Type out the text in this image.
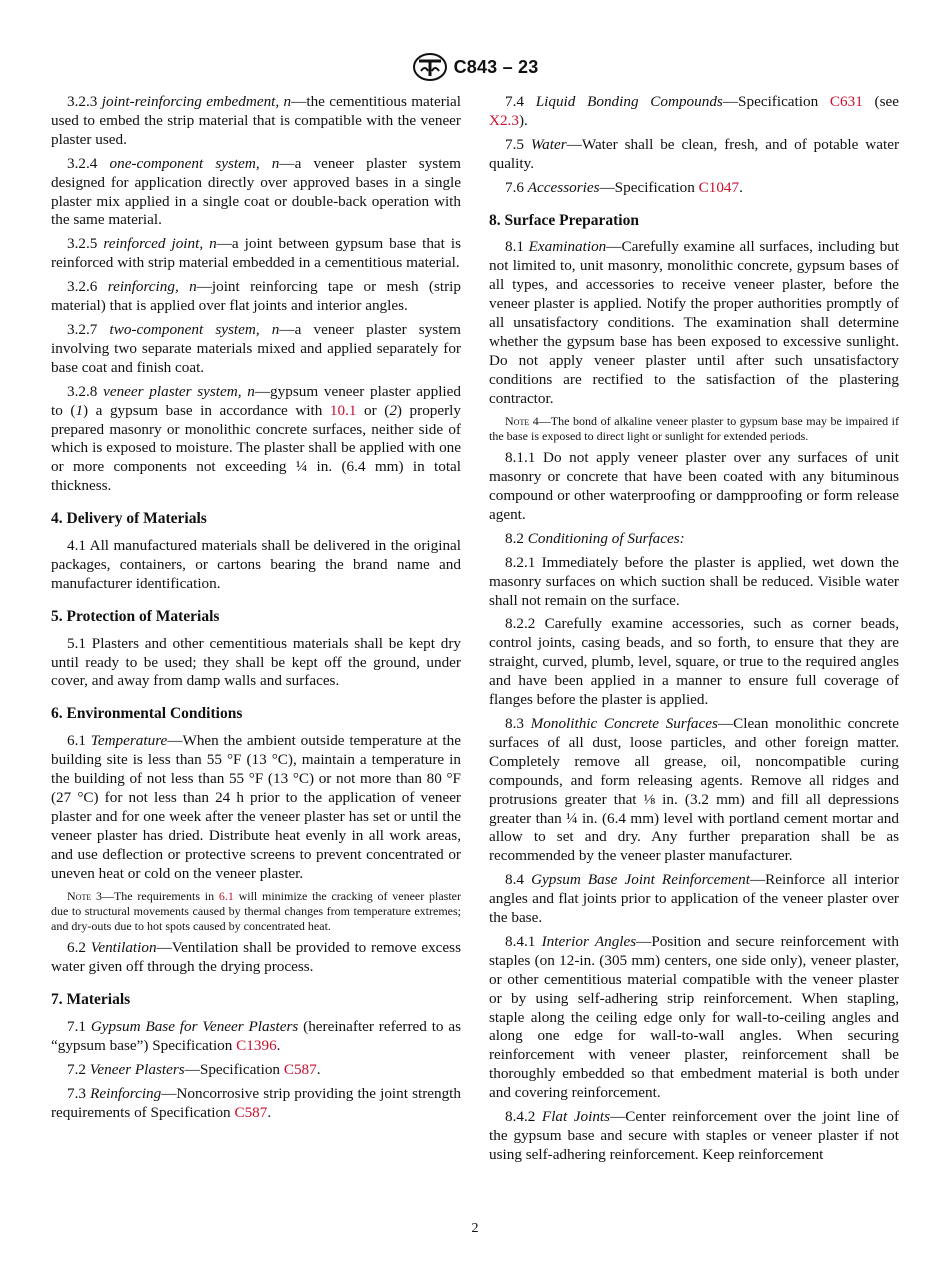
C843 – 23

3.2.3 joint-reinforcing embedment, n—the cementitious material used to embed the strip material that is compatible with the veneer plaster used.

3.2.4 one-component system, n—a veneer plaster system designed for application directly over approved bases in a single plaster mix applied in a single coat or double-back operation with the same material.

3.2.5 reinforced joint, n—a joint between gypsum base that is reinforced with strip material embedded in a cementitious material.

3.2.6 reinforcing, n—joint reinforcing tape or mesh (strip material) that is applied over flat joints and interior angles.

3.2.7 two-component system, n—a veneer plaster system involving two separate materials mixed and applied separately for base coat and finish coat.

3.2.8 veneer plaster system, n—gypsum veneer plaster applied to (1) a gypsum base in accordance with 10.1 or (2) properly prepared masonry or monolithic concrete surfaces, neither side of which is exposed to moisture. The plaster shall be applied with one or more components not exceeding ¼ in. (6.4 mm) in total thickness.

4. Delivery of Materials

4.1 All manufactured materials shall be delivered in the original packages, containers, or cartons bearing the brand name and manufacturer identification.

5. Protection of Materials

5.1 Plasters and other cementitious materials shall be kept dry until ready to be used; they shall be kept off the ground, under cover, and away from damp walls and surfaces.

6. Environmental Conditions

6.1 Temperature—When the ambient outside temperature at the building site is less than 55 °F (13 °C), maintain a temperature in the building of not less than 55 °F (13 °C) or not more than 80 °F (27 °C) for not less than 24 h prior to the application of veneer plaster and for one week after the veneer plaster has set or until the veneer plaster has dried. Distribute heat evenly in all work areas, and use deflection or protective screens to prevent concentrated or uneven heat or cold on the veneer plaster.

Note 3—The requirements in 6.1 will minimize the cracking of veneer plaster due to structural movements caused by thermal changes from temperature extremes; and dry-outs due to hot spots caused by concentrated heat.

6.2 Ventilation—Ventilation shall be provided to remove excess water given off through the drying process.

7. Materials

7.1 Gypsum Base for Veneer Plasters (hereinafter referred to as “gypsum base”) Specification C1396.

7.2 Veneer Plasters—Specification C587.

7.3 Reinforcing—Noncorrosive strip providing the joint strength requirements of Specification C587.

7.4 Liquid Bonding Compounds—Specification C631 (see X2.3).

7.5 Water—Water shall be clean, fresh, and of potable water quality.

7.6 Accessories—Specification C1047.

8. Surface Preparation

8.1 Examination—Carefully examine all surfaces, including but not limited to, unit masonry, monolithic concrete, gypsum bases of all types, and accessories to receive veneer plaster, before the veneer plaster is applied. Notify the proper authorities promptly of all unsatisfactory conditions. The examination shall determine whether the gypsum base has been exposed to excessive sunlight. Do not apply veneer plaster until after such unsatisfactory conditions are rectified to the satisfaction of the plastering contractor.

Note 4—The bond of alkaline veneer plaster to gypsum base may be impaired if the base is exposed to direct light or sunlight for extended periods.

8.1.1 Do not apply veneer plaster over any surfaces of unit masonry or concrete that have been coated with any bituminous compound or other waterproofing or dampproofing or form release agent.

8.2 Conditioning of Surfaces:

8.2.1 Immediately before the plaster is applied, wet down the masonry surfaces on which suction shall be reduced. Visible water shall not remain on the surface.

8.2.2 Carefully examine accessories, such as corner beads, control joints, casing beads, and so forth, to ensure that they are straight, curved, plumb, level, square, or true to the required angles and have been applied in a manner to ensure full coverage of flanges before the plaster is applied.

8.3 Monolithic Concrete Surfaces—Clean monolithic concrete surfaces of all dust, loose particles, and other foreign matter. Completely remove all grease, oil, noncompatible curing compounds, and form releasing agents. Remove all ridges and protrusions greater that ⅛ in. (3.2 mm) and fill all depressions greater than ¼ in. (6.4 mm) level with portland cement mortar and allow to set and dry. Any further preparation shall be as recommended by the veneer plaster manufacturer.

8.4 Gypsum Base Joint Reinforcement—Reinforce all interior angles and flat joints prior to application of the veneer plaster over the base.

8.4.1 Interior Angles—Position and secure reinforcement with staples (on 12-in. (305 mm) centers, one side only), veneer plaster, or other cementitious material compatible with the veneer plaster or by using self-adhering strip reinforcement. When stapling, staple along the ceiling edge only for wall-to-ceiling angles and along one edge for wall-to-wall angles. When securing reinforcement with veneer plaster, reinforcement shall be thoroughly embedded so that embedment material is both under and covering reinforcement.

8.4.2 Flat Joints—Center reinforcement over the joint line of the gypsum base and secure with staples or veneer plaster if not using self-adhering reinforcement. Keep reinforcement

2
